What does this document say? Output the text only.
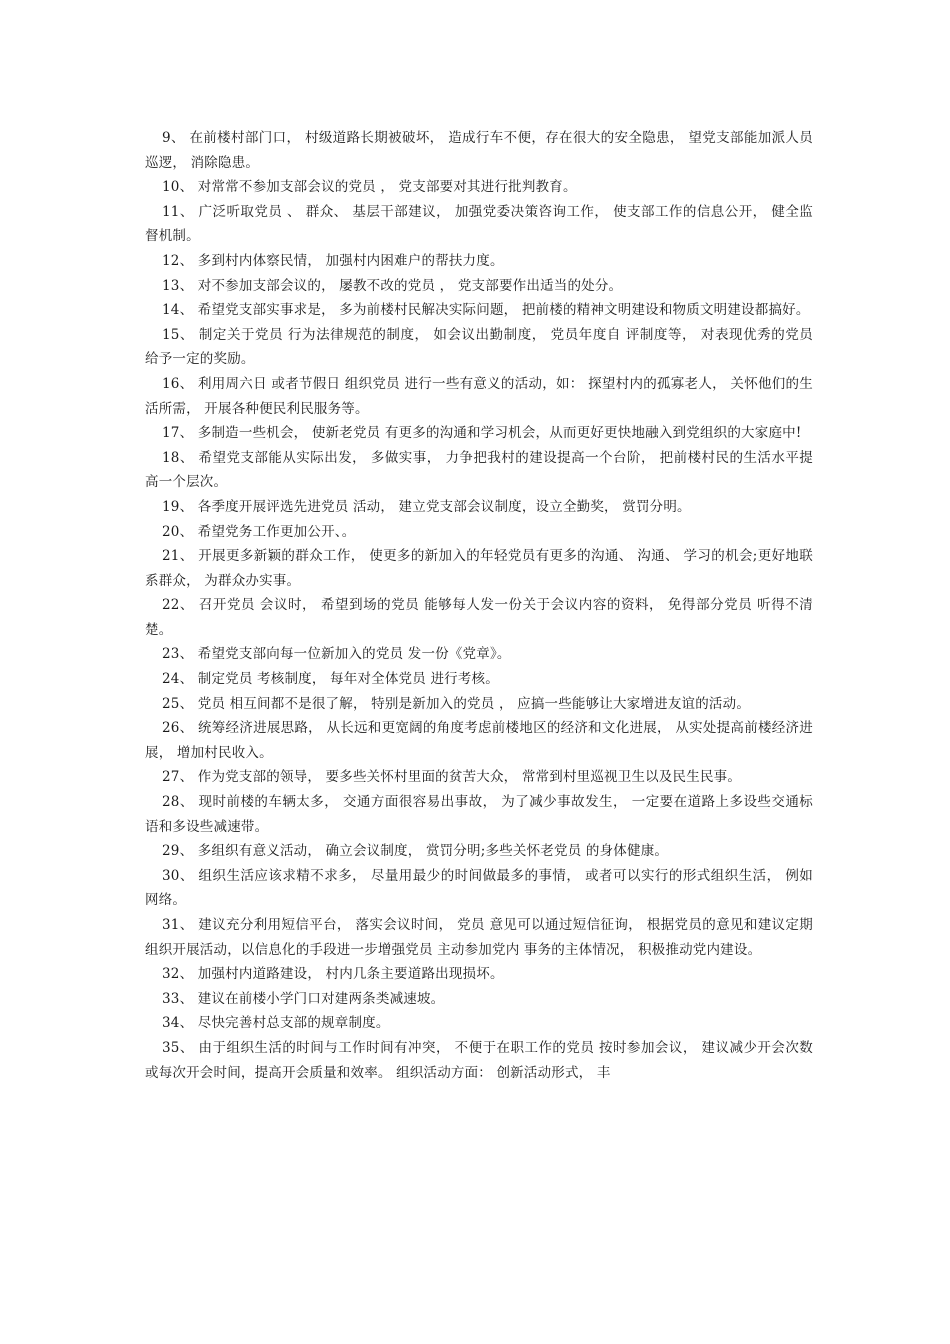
9、 在前楼村部门口， 村级道路长期被破坏， 造成行车不便，存在很大的安全隐患， 望党支部能加派人员 巡逻， 消除隐患。

10、 对常常不参加支部会议的党员 ， 党支部要对其进行批判教育。

11、 广泛听取党员 、 群众、 基层干部建议， 加强党委决策咨询工作， 使支部工作的信息公开， 健全监督机制。

12、 多到村内体察民情， 加强村内困难户的帮扶力度。

13、 对不参加支部会议的， 屡教不改的党员 ， 党支部要作出适当的处分。

14、 希望党支部实事求是， 多为前楼村民解决实际问题， 把前楼的精神文明建设和物质文明建设都搞好。

15、 制定关于党员 行为法律规范的制度， 如会议出勤制度， 党员年度自 评制度等， 对表现优秀的党员 给予一定的奖励。

16、 利用周六日 或者节假日 组织党员 进行一些有意义的活动，如： 探望村内的孤寡老人， 关怀他们的生活所需， 开展各种便民利民服务等。

17、 多制造一些机会， 使新老党员 有更多的沟通和学习机会，从而更好更快地融入到党组织的大家庭中!

18、 希望党支部能从实际出发， 多做实事， 力争把我村的建设提高一个台阶， 把前楼村民的生活水平提高一个层次。

19、 各季度开展评选先进党员 活动， 建立党支部会议制度，设立全勤奖， 赏罚分明。

20、 希望党务工作更加公开、。

21、 开展更多新颖的群众工作， 使更多的新加入的年轻党员有更多的沟通、 沟通、 学习的机会;更好地联系群众， 为群众办实事。

22、 召开党员 会议时， 希望到场的党员 能够每人发一份关于会议内容的资料， 免得部分党员 听得不清楚。

23、 希望党支部向每一位新加入的党员 发一份《党章》。

24、 制定党员 考核制度， 每年对全体党员 进行考核。

25、 党员 相互间都不是很了解， 特别是新加入的党员 ， 应搞一些能够让大家增进友谊的活动。

26、 统筹经济进展思路， 从长远和更宽阔的角度考虑前楼地区的经济和文化进展， 从实处提高前楼经济进展， 增加村民收入。

27、 作为党支部的领导， 要多些关怀村里面的贫苦大众， 常常到村里巡视卫生以及民生民事。

28、 现时前楼的车辆太多， 交通方面很容易出事故， 为了减少事故发生， 一定要在道路上多设些交通标语和多设些减速带。

29、 多组织有意义活动， 确立会议制度， 赏罚分明;多些关怀老党员 的身体健康。

30、 组织生活应该求精不求多， 尽量用最少的时间做最多的事情， 或者可以实行的形式组织生活， 例如网络。

31、 建议充分利用短信平台， 落实会议时间， 党员 意见可以通过短信征询， 根据党员的意见和建议定期组织开展活动，以信息化的手段进一步增强党员 主动参加党内 事务的主体情况， 积极推动党内建设。

32、 加强村内道路建设， 村内几条主要道路出现损坏。

33、 建议在前楼小学门口对建两条类减速坡。

34、 尽快完善村总支部的规章制度。

35、 由于组织生活的时间与工作时间有冲突， 不便于在职工作的党员 按时参加会议， 建议减少开会次数或每次开会时间，提高开会质量和效率。 组织活动方面： 创新活动形式， 丰
